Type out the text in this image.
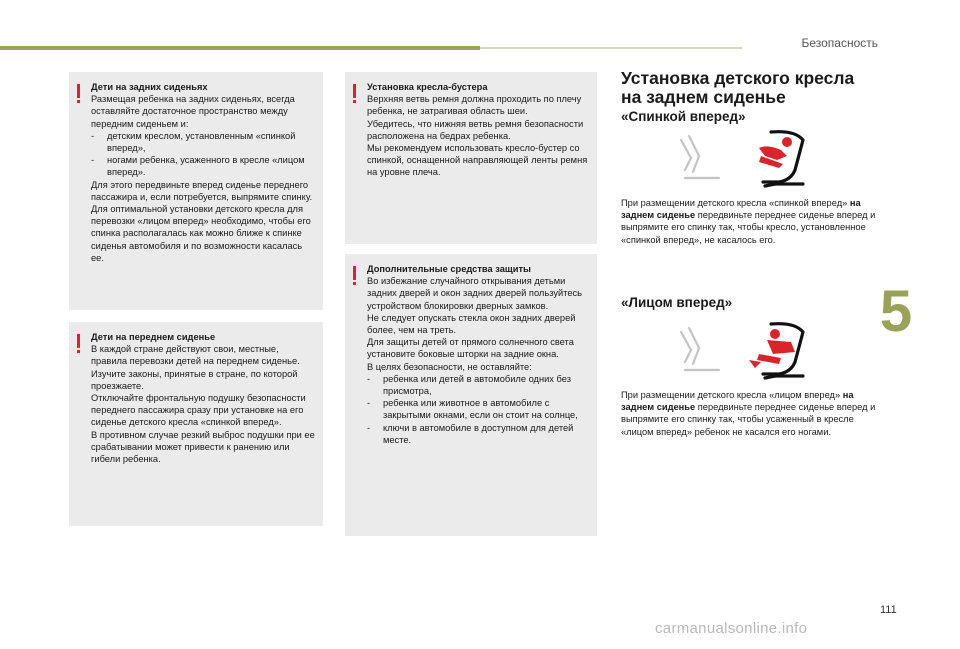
Безопасность
5

Дети на задних сиденьях

Размещая ребенка на задних сиденьях, всегда оставляйте достаточное пространство между передним сиденьем и:

- детским креслом, установленным «спинкой вперед»,
- ногами ребенка, усаженного в кресле «лицом вперед».

Для этого передвиньте вперед сиденье переднего пассажира и, если потребуется, выпрямите спинку.

Для оптимальной установки детского кресла для перевозки «лицом вперед» необходимо, чтобы его спинка располагалась как можно ближе к спинке сиденья автомобиля и по возможности касалась ее.

Дети на переднем сиденье

В каждой стране действуют свои, местные, правила перевозки детей на переднем сиденье. Изучите законы, принятые в стране, по которой проезжаете.

Отключайте фронтальную подушку безопасности переднего пассажира сразу при установке на его сиденье детского кресла «спинкой вперед».

В противном случае резкий выброс подушки при ее срабатывании может привести к ранению или гибели ребенка.

Установка кресла-бустера

Верхняя ветвь ремня должна проходить по плечу ребенка, не затрагивая область шеи.

Убедитесь, что нижняя ветвь ремня безопасности расположена на бедрах ребенка.

Мы рекомендуем использовать кресло-бустер со спинкой, оснащенной направляющей ленты ремня на уровне плеча.

Дополнительные средства защиты

Во избежание случайного открывания детьми задних дверей и окон задних дверей пользуйтесь устройством блокировки дверных замков.

Не следует опускать стекла окон задних дверей более, чем на треть.

Для защиты детей от прямого солнечного света установите боковые шторки на задние окна.

В целях безопасности, не оставляйте:

- ребенка или детей в автомобиле одних без присмотра,
- ребенка или животное в автомобиле с закрытыми окнами, если он стоит на солнце,
- ключи в автомобиле в доступном для детей месте.
Установка детского кресла на заднем сиденье
«Спинкой вперед»

При размещении детского кресла «спинкой вперед» на заднем сиденье передвиньте переднее сиденье вперед и выпрямите его спинку так, чтобы кресло, установленное «спинкой вперед», не касалось его.

«Лицом вперед»

При размещении детского кресла «лицом вперед» на заднем сиденье передвиньте переднее сиденье вперед и выпрямите его спинку так, чтобы усаженный в кресле «лицом вперед» ребенок не касался его ногами.

111
carmanualsonline.info
